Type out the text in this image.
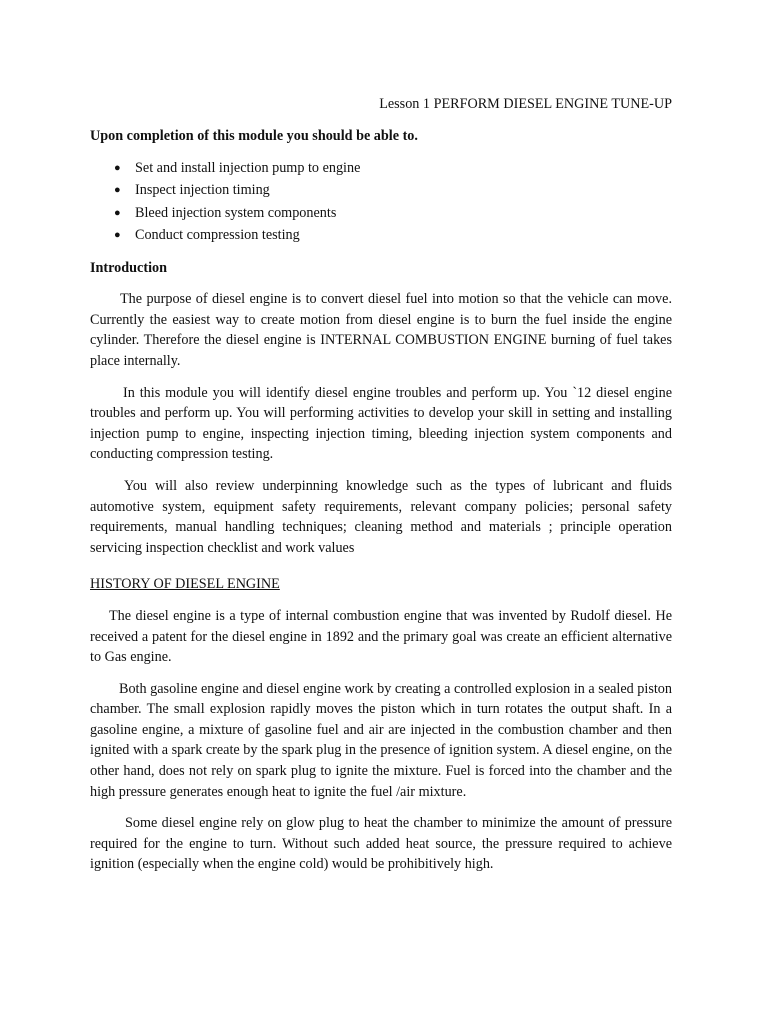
Lesson 1 PERFORM DIESEL ENGINE TUNE-UP
Upon completion of this module you should be able to.
● Set and install injection pump to engine
● Inspect injection timing
● Bleed injection system components
● Conduct compression testing
Introduction

The purpose of diesel engine is to convert diesel fuel into motion so that the vehicle can move. Currently the easiest way to create motion from diesel engine is to burn the fuel inside the engine cylinder. Therefore the diesel engine is INTERNAL COMBUSTION ENGINE burning of fuel takes place internally.

In this module you will identify diesel engine troubles and perform up. You `12 diesel engine troubles and perform up. You will performing activities to develop your skill in setting and installing injection pump to engine, inspecting injection timing, bleeding injection system components and conducting compression testing.

You will also review underpinning knowledge such as the types of lubricant and fluids automotive system, equipment safety requirements, relevant company policies; personal safety requirements, manual handling techniques; cleaning method and materials ; principle operation servicing inspection checklist and work values

HISTORY OF DIESEL ENGINE

The diesel engine is a type of internal combustion engine that was invented by Rudolf diesel. He received a patent for the diesel engine in 1892 and the primary goal was create an efficient alternative to Gas engine.

Both gasoline engine and diesel engine work by creating a controlled explosion in a sealed piston chamber. The small explosion rapidly moves the piston which in turn rotates the output shaft. In a gasoline engine, a mixture of gasoline fuel and air are injected in the combustion chamber and then ignited with a spark create by the spark plug in the presence of ignition system. A diesel engine, on the other hand, does not rely on spark plug to ignite the mixture. Fuel is forced into the chamber and the high pressure generates enough heat to ignite the fuel /air mixture.

Some diesel engine rely on glow plug to heat the chamber to minimize the amount of pressure required for the engine to turn. Without such added heat source, the pressure required to achieve ignition (especially when the engine cold) would be prohibitively high.
